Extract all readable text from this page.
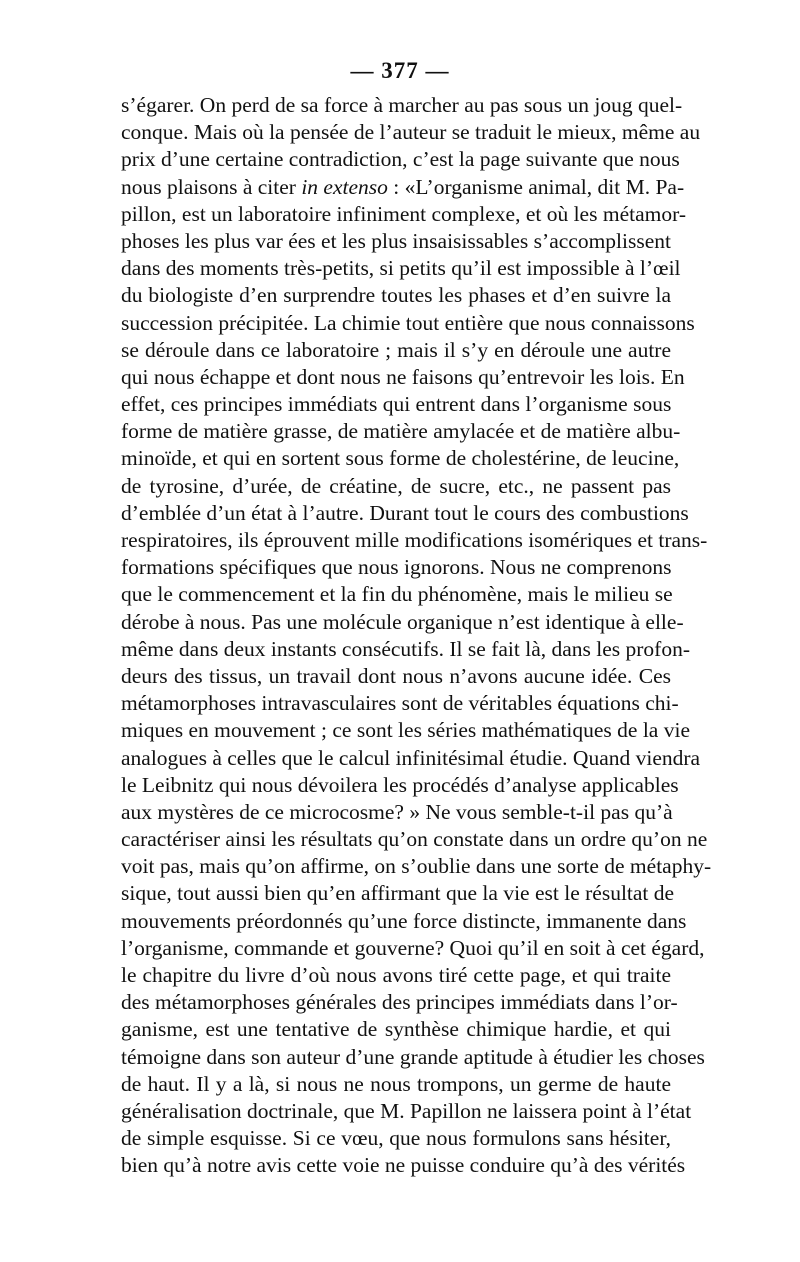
— 377 —
s’égarer. On perd de sa force à marcher au pas sous un joug quel-
conque. Mais où la pensée de l’auteur se traduit le mieux, même au
prix d’une certaine contradiction, c’est la page suivante que nous
nous plaisons à citer in extenso : «L’organisme animal, dit M. Pa-
pillon, est un laboratoire infiniment complexe, et où les métamor-
phoses les plus var ées et les plus insaisissables s’accomplissent
dans des moments très-petits, si petits qu’il est impossible à l’œil
du biologiste d’en surprendre toutes les phases et d’en suivre la
succession précipitée. La chimie tout entière que nous connaissons
se déroule dans ce laboratoire ; mais il s’y en déroule une autre
qui nous échappe et dont nous ne faisons qu’entrevoir les lois. En
effet, ces principes immédiats qui entrent dans l’organisme sous
forme de matière grasse, de matière amylacée et de matière albu-
minoïde, et qui en sortent sous forme de cholestérine, de leucine,
de tyrosine, d’urée, de créatine, de sucre, etc., ne passent pas
d’emblée d’un état à l’autre. Durant tout le cours des combustions
respiratoires, ils éprouvent mille modifications isomériques et trans-
formations spécifiques que nous ignorons. Nous ne comprenons
que le commencement et la fin du phénomène, mais le milieu se
dérobe à nous. Pas une molécule organique n’est identique à elle-
même dans deux instants consécutifs. Il se fait là, dans les profon-
deurs des tissus, un travail dont nous n’avons aucune idée. Ces
métamorphoses intravasculaires sont de véritables équations chi-
miques en mouvement ; ce sont les séries mathématiques de la vie
analogues à celles que le calcul infinitésimal étudie. Quand viendra
le Leibnitz qui nous dévoilera les procédés d’analyse applicables
aux mystères de ce microcosme? » Ne vous semble-t-il pas qu’à
caractériser ainsi les résultats qu’on constate dans un ordre qu’on ne
voit pas, mais qu’on affirme, on s’oublie dans une sorte de métaphy-
sique, tout aussi bien qu’en affirmant que la vie est le résultat de
mouvements préordonnés qu’une force distincte, immanente dans
l’organisme, commande et gouverne? Quoi qu’il en soit à cet égard,
le chapitre du livre d’où nous avons tiré cette page, et qui traite
des métamorphoses générales des principes immédiats dans l’or-
ganisme, est une tentative de synthèse chimique hardie, et qui
témoigne dans son auteur d’une grande aptitude à étudier les choses
de haut. Il y a là, si nous ne nous trompons, un germe de haute
généralisation doctrinale, que M. Papillon ne laissera point à l’état
de simple esquisse. Si ce vœu, que nous formulons sans hésiter,
bien qu’à notre avis cette voie ne puisse conduire qu’à des vérités
